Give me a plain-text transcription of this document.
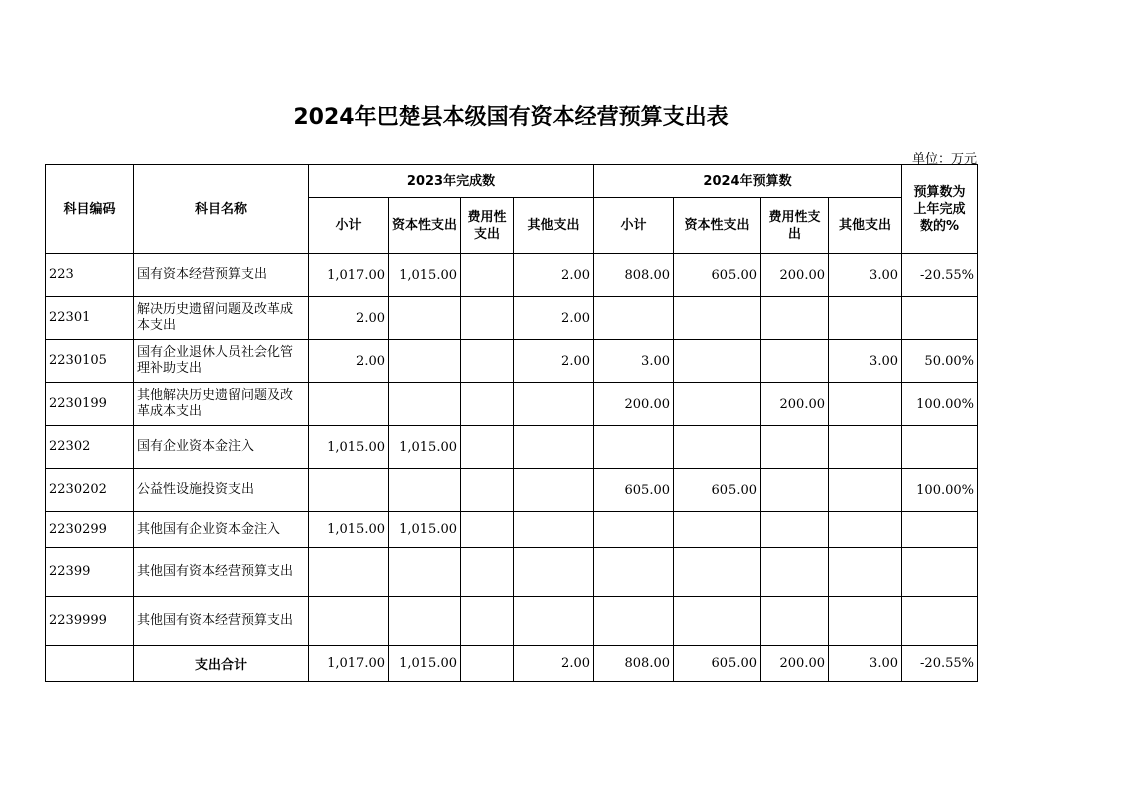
2024年巴楚县本级国有资本经营预算支出表
单位：万元
科目编码	科目名称	2023年完成数				2024年预算数				预算数为上年完成数的%
		小计	资本性支出	费用性支出	其他支出	小计	资本性支出	费用性支出	其他支出	
223	国有资本经营预算支出	1,017.00	1,015.00		2.00	808.00	605.00	200.00	3.00	-20.55%
22301	解决历史遗留问题及改革成本支出	2.00			2.00					
2230105	国有企业退休人员社会化管理补助支出	2.00			2.00	3.00			3.00	50.00%
2230199	其他解决历史遗留问题及改革成本支出					200.00		200.00		100.00%
22302	国有企业资本金注入	1,015.00	1,015.00							
2230202	公益性设施投资支出					605.00	605.00			100.00%
2230299	其他国有企业资本金注入	1,015.00	1,015.00							
22399	其他国有资本经营预算支出									
2239999	其他国有资本经营预算支出									
	支出合计	1,017.00	1,015.00		2.00	808.00	605.00	200.00	3.00	-20.55%
